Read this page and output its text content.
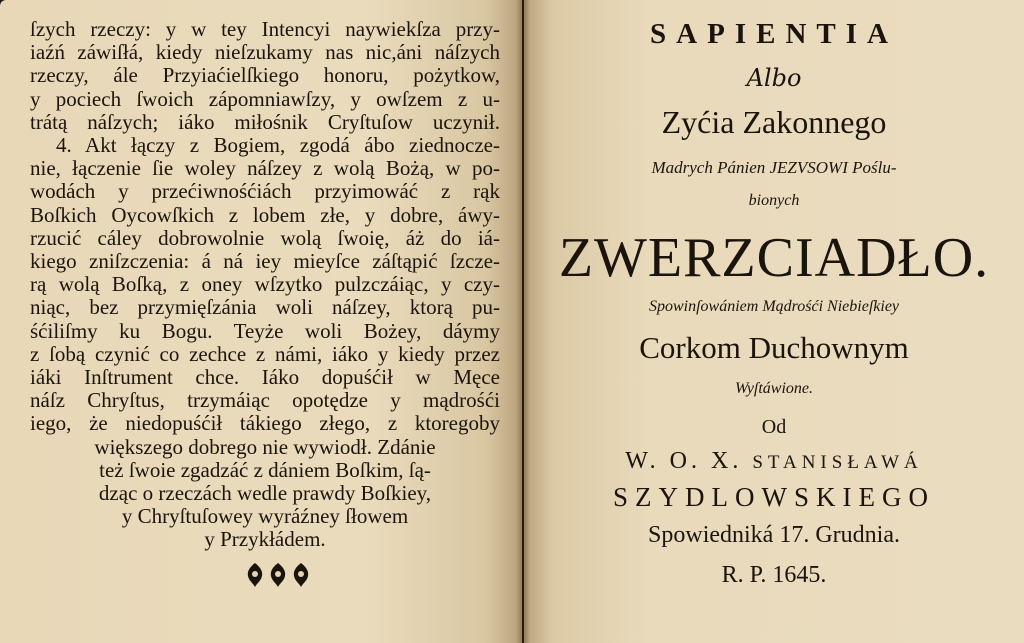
ſzych rzeczy: y w tey Intencyi naywiekſza przy-
iaźń záwiſłá, kiedy nieſzukamy nas nic,áni náſzych
rzeczy, ále Przyiaćielſkiego honoru, pożytkow,
y pociech ſwoich zápomniawſzy, y owſzem z u-
trátą náſzych; iáko miłośnik Cryſtuſow uczynił.
4. Akt łączy z Bogiem, zgodá ábo ziednocze-
nie, łączenie ſie woley náſzey z wolą Bożą, w po-
wodách y przećiwnośćiách przyimowáć z rąk
Boſkich Oycowſkich z lobem złe, y dobre, áwy-
rzucić cáley dobrowolnie wolą ſwoię, áż do iá-
kiego zniſzczenia: á ná iey mieyſce záſtąpić ſzcze-
rą wolą Boſką, z oney wſzytko pulzczáiąc, y czy-
niąc, bez przymięſzánia woli náſzey, ktorą pu-
śćiliſmy ku Bogu. Teyże woli Bożey, dáymy
z ſobą czynić co zechce z námi, iáko y kiedy przez
iáki Inſtrument chce. Iáko dopuśćił w Męce
náſz Chryſtus, trzymáiąc opotędze y mądrośći
iego, że niedopuśćił tákiego złego, z ktoregoby
większego dobrego nie wywiodł. Zdánie
też ſwoie zgadzáć z dániem Boſkim, ſą-
dząc o rzeczách wedle prawdy Boſkiey,
y Chryſtuſowey wyráźney ſłowem
y Przykłádem.
SAPIENTIA
Albo
Zyćia Zakonnego
Madrych Pánien JEZVSOWI Poślu-
bionych
ZWERZCIADŁO.
Spowinſowániem Mądrośći Niebieſkiey
Corkom Duchownym
Wyſtáwione.
Od
W. O. X. STANISŁAWÁ
SZYDLOWSKIEGO
Spowiedniká 17. Grudnia.
R. P. 1645.
